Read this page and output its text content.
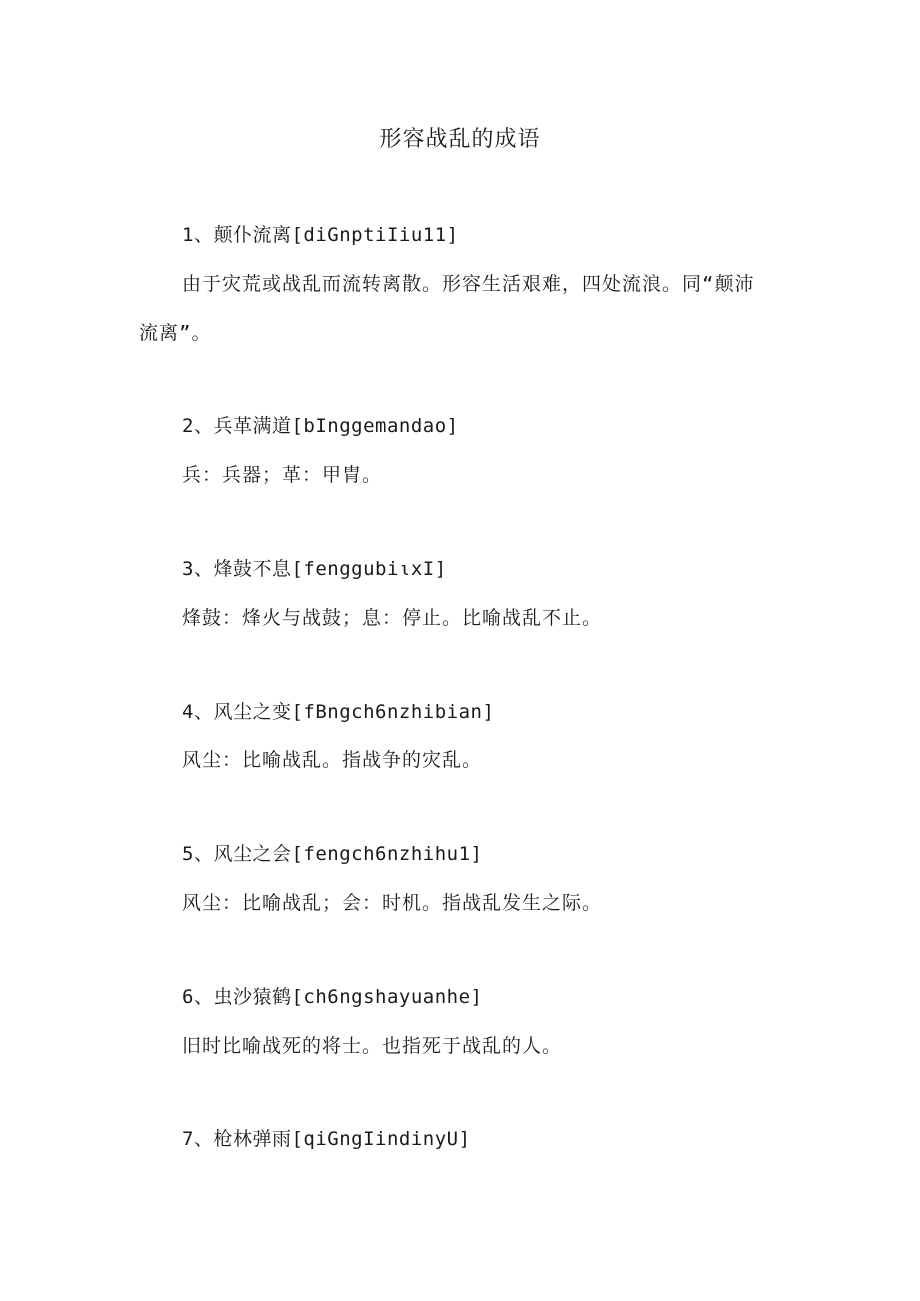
形容战乱的成语
1、颠仆流离[diGnptiIiu11]
由于灾荒或战乱而流转离散。形容生活艰难，四处流浪。同“颠沛
流离”。
2、兵革满道[bInggemandao]
兵：兵器；革：甲胄。
3、烽鼓不息[fenggubiιxI]
烽鼓：烽火与战鼓；息：停止。比喻战乱不止。
4、风尘之变[fBngch6nzhibian]
风尘：比喻战乱。指战争的灾乱。
5、风尘之会[fengch6nzhihu1]
风尘：比喻战乱；会：时机。指战乱发生之际。
6、虫沙猿鹤[ch6ngshayuanhe]
旧时比喻战死的将士。也指死于战乱的人。
7、枪林弹雨[qiGngIindinyU]
